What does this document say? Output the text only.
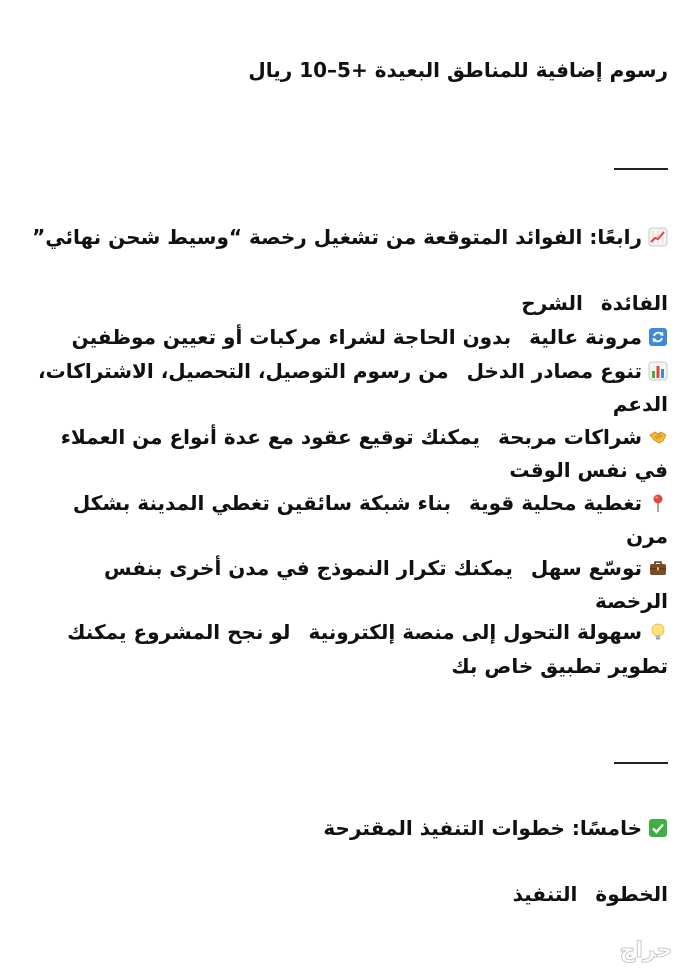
رسوم إضافية للمناطق البعيدة +5–10 ريال

رابعًا: الفوائد المتوقعة من تشغيل رخصة “وسيط شحن نهائي”

الفائدةالشرح

مرونة عاليةبدون الحاجة لشراء مركبات أو تعيين موظفين

تنوع مصادر الدخلمن رسوم التوصيل، التحصيل، الاشتراكات،

الدعم

شراكات مربحةيمكنك توقيع عقود مع عدة أنواع من العملاء

في نفس الوقت

تغطية محلية قويةبناء شبكة سائقين تغطي المدينة بشكل

مرن

توسّع سهليمكنك تكرار النموذج في مدن أخرى بنفس

الرخصة

سهولة التحول إلى منصة إلكترونيةلو نجح المشروع يمكنك

تطوير تطبيق خاص بك

خامسًا: خطوات التنفيذ المقترحة

الخطوةالتنفيذ

حراج
